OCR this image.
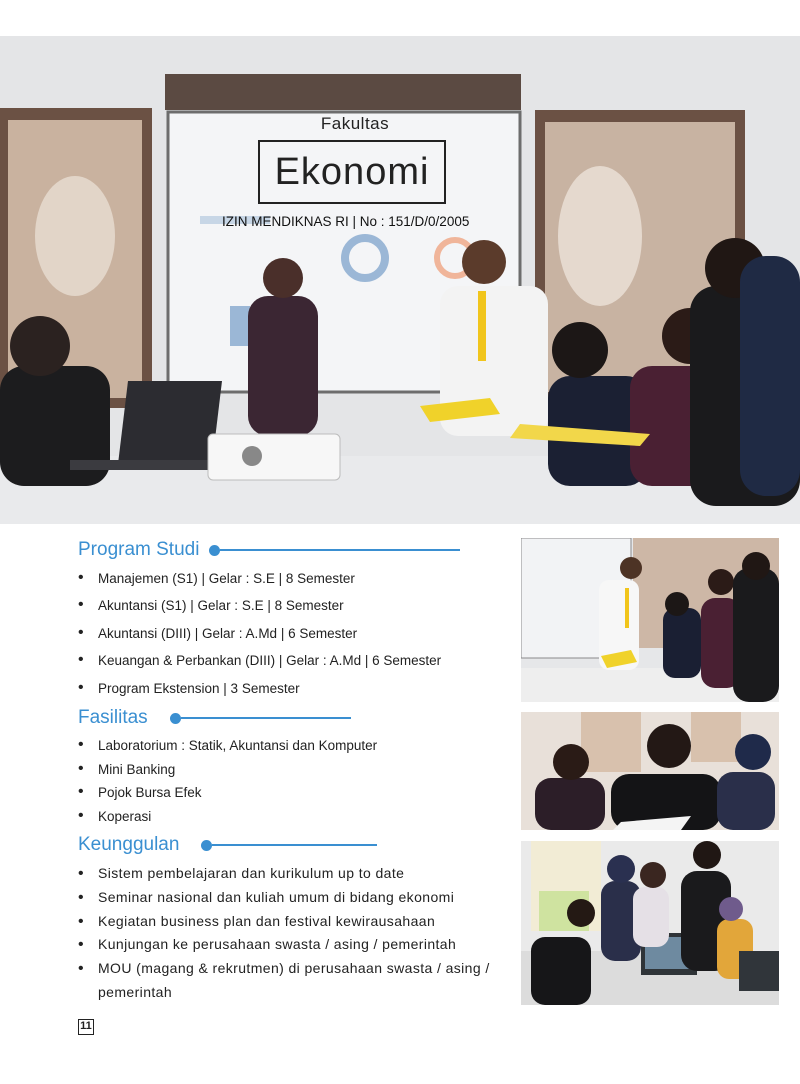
Fakultas
Ekonomi
IZIN MENDIKNAS RI | No : 151/D/0/2005
Program Studi
• Manajemen (S1) | Gelar : S.E | 8 Semester
• Akuntansi (S1) | Gelar : S.E | 8 Semester
• Akuntansi (DIII) | Gelar : A.Md | 6 Semester
• Keuangan & Perbankan (DIII) | Gelar : A.Md | 6 Semester
• Program Ekstension | 3 Semester
Fasilitas
• Laboratorium : Statik, Akuntansi dan Komputer
• Mini Banking
• Pojok Bursa Efek
• Koperasi
Keunggulan
• Sistem pembelajaran dan kurikulum up to date
• Seminar nasional dan kuliah umum di bidang ekonomi
• Kegiatan business plan dan festival kewirausahaan
• Kunjungan ke perusahaan swasta / asing / pemerintah
• MOU (magang & rekrutmen) di perusahaan swasta / asing / pemerintah
11
